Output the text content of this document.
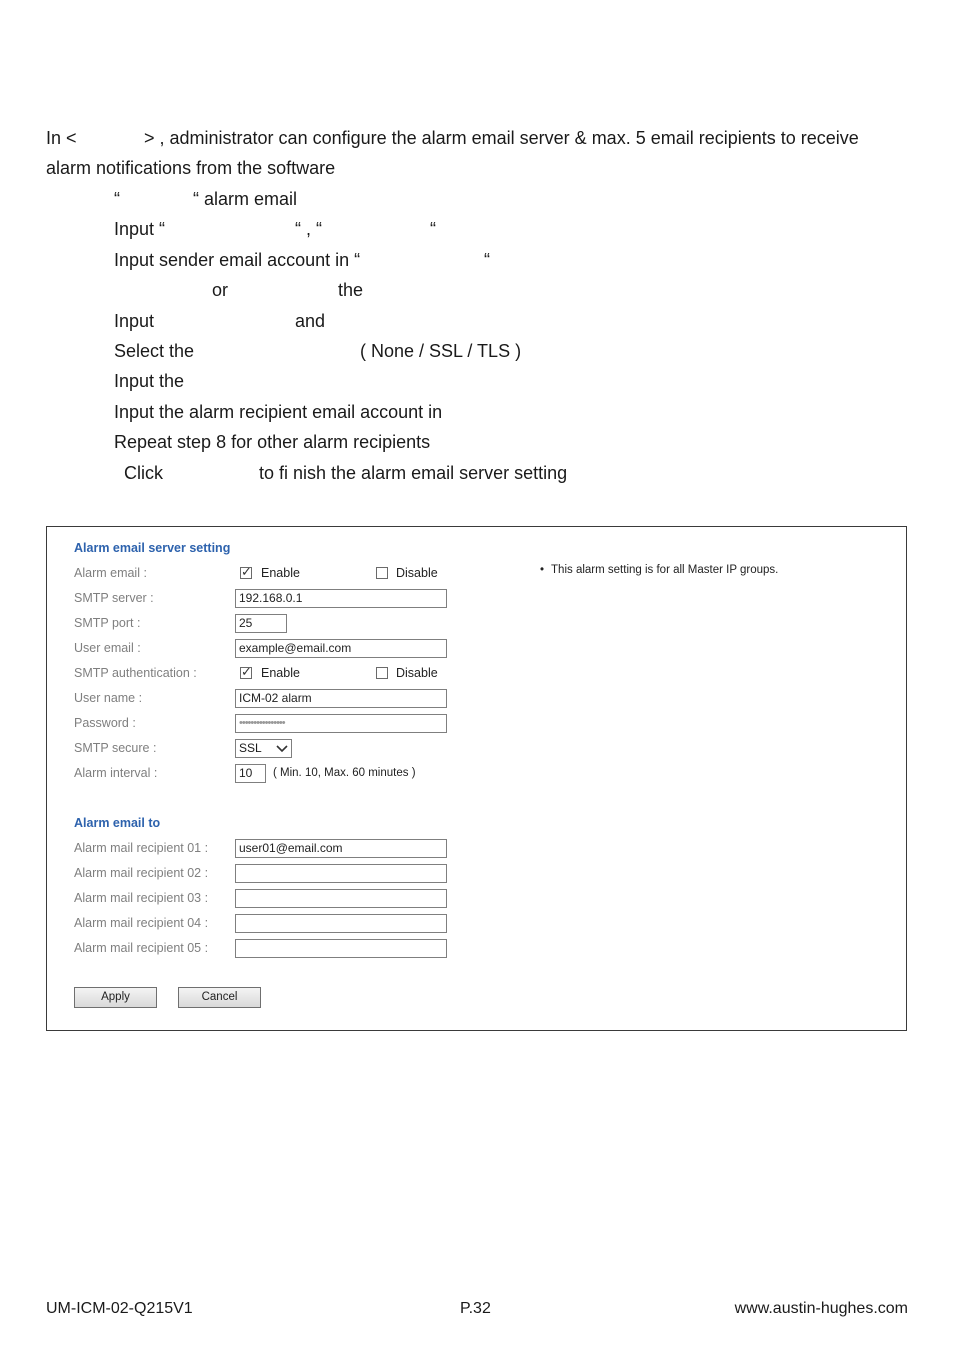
In <	> , administrator can configure the alarm email server & max. 5 email recipients to receive
alarm notifications from the software
“	“ alarm email
Input “	“ , “	“
Input sender email account in “	“
or	the
Input	and
Select the	( None / SSL / TLS )
Input the
Input the alarm recipient email account in
Repeat step 8 for other alarm recipients
Click	to fi nish the alarm email server setting
Alarm email server setting
Alarm email :	✓ Enable	Disable
SMTP server :	192.168.0.1
SMTP port :	25
User email :	example@email.com
SMTP authentication :	✓ Enable	Disable
User name :	ICM-02 alarm
Password :	••••••••••••••••
SMTP secure :	SSL
Alarm interval :	10	( Min. 10, Max. 60 minutes )
• This alarm setting is for all Master IP groups.
Alarm email to
Alarm mail recipient 01 :	user01@email.com
Alarm mail recipient 02 :
Alarm mail recipient 03 :
Alarm mail recipient 04 :
Alarm mail recipient 05 :
Apply	Cancel
UM-ICM-02-Q215V1	P.32	www.austin-hughes.com
